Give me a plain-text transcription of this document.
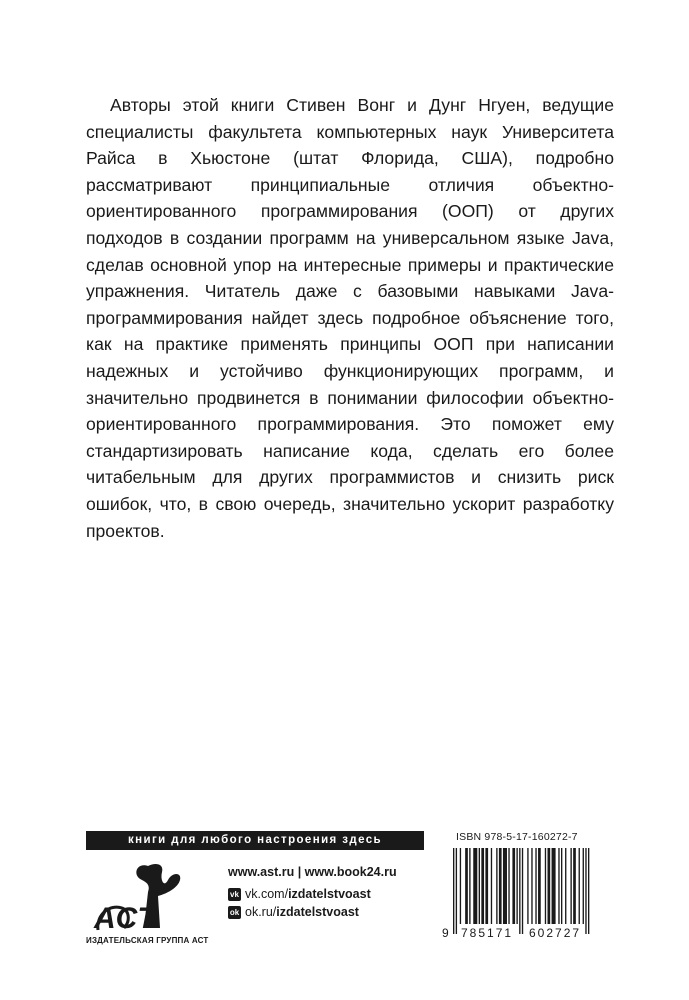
Авторы этой книги Стивен Вонг и Дунг Нгуен, ведущие специалисты факультета компьютерных наук Университета Райса в Хьюстоне (штат Флорида, США), подробно рассматривают принципиальные отличия объектно-ориентированного программирования (ООП) от других подходов в создании программ на универсальном языке Java, сделав основной упор на интересные примеры и практические упражнения. Читатель даже с базовыми навыками Java-программирования найдет здесь подробное объяснение того, как на практике применять принципы ООП при написании надежных и устойчиво функционирующих программ, и значительно продвинется в понимании философии объектно-ориентированного программирования. Это поможет ему стандартизировать написание кода, сделать его более читабельным для других программистов и снизить риск ошибок, что, в свою очередь, значительно ускорит разработку проектов.

книги для любого настроения здесь
ACT
ИЗДАТЕЛЬСКАЯ ГРУППА АСТ
www.ast.ru | www.book24.ru
vk vk.com/ izdatelstvoast
ok ok.ru/ izdatelstvoast
ISBN 978-5-17-160272-7
9 785171 602727
